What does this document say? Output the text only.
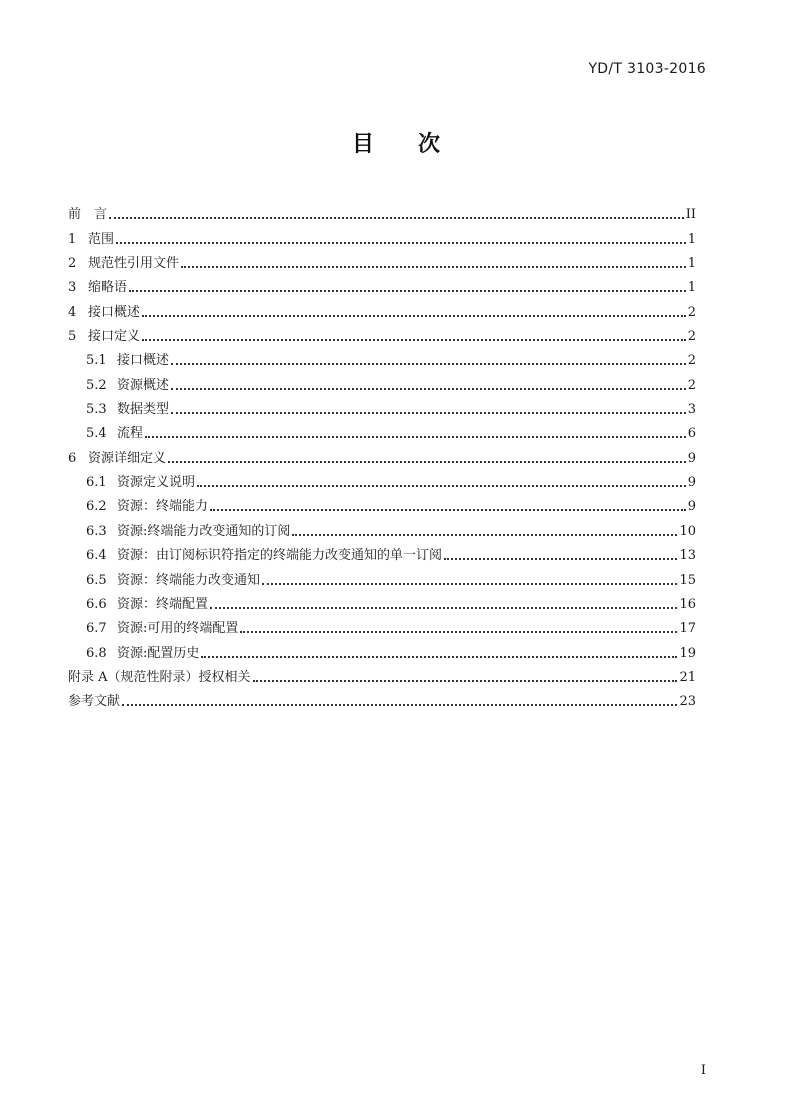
YD/T 3103-2016
目次
前　言	II
1 范围	1
2 规范性引用文件	1
3 缩略语	1
4 接口概述	2
5 接口定义	2
5.1 接口概述	2
5.2 资源概述	2
5.3 数据类型	3
5.4 流程	6
6 资源详细定义	9
6.1 资源定义说明	9
6.2 资源：终端能力	9
6.3 资源:终端能力改变通知的订阅	10
6.4 资源：由订阅标识符指定的终端能力改变通知的单一订阅	13
6.5 资源：终端能力改变通知	15
6.6 资源：终端配置	16
6.7 资源:可用的终端配置	17
6.8 资源:配置历史	19
附录 A（规范性附录）授权相关	21
参考文献	23
I
